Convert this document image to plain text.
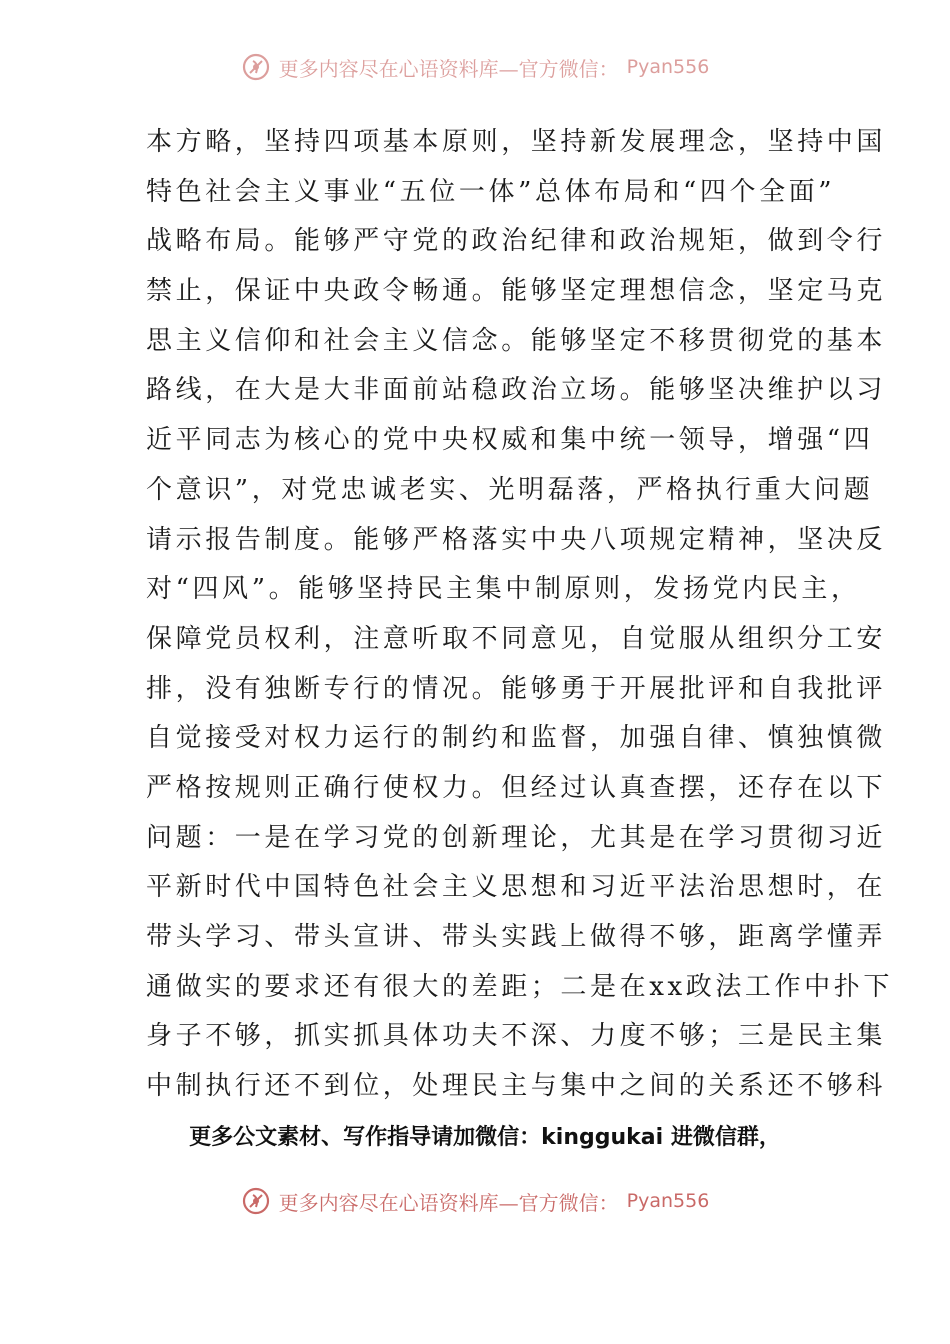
更多内容尽在心语资料库—官方微信： Pyan556
本方略，坚持四项基本原则，坚持新发展理念，坚持中国
特色社会主义事业“五位一体”总体布局和“四个全面”
战略布局。能够严守党的政治纪律和政治规矩，做到令行
禁止，保证中央政令畅通。能够坚定理想信念，坚定马克
思主义信仰和社会主义信念。能够坚定不移贯彻党的基本
路线，在大是大非面前站稳政治立场。能够坚决维护以习
近平同志为核心的党中央权威和集中统一领导，增强“四
个意识”，对党忠诚老实、光明磊落，严格执行重大问题
请示报告制度。能够严格落实中央八项规定精神，坚决反
对“四风”。能够坚持民主集中制原则，发扬党内民主，
保障党员权利，注意听取不同意见，自觉服从组织分工安
排，没有独断专行的情况。能够勇于开展批评和自我批评
自觉接受对权力运行的制约和监督，加强自律、慎独慎微
严格按规则正确行使权力。但经过认真查摆，还存在以下
问题：一是在学习党的创新理论，尤其是在学习贯彻习近
平新时代中国特色社会主义思想和习近平法治思想时，在
带头学习、带头宣讲、带头实践上做得不够，距离学懂弄
通做实的要求还有很大的差距；二是在xx政法工作中扑下
身子不够，抓实抓具体功夫不深、力度不够；三是民主集
中制执行还不到位，处理民主与集中之间的关系还不够科
更多公文素材、写作指导请加微信：kinggukai 进微信群，
更多内容尽在心语资料库—官方微信： Pyan556
